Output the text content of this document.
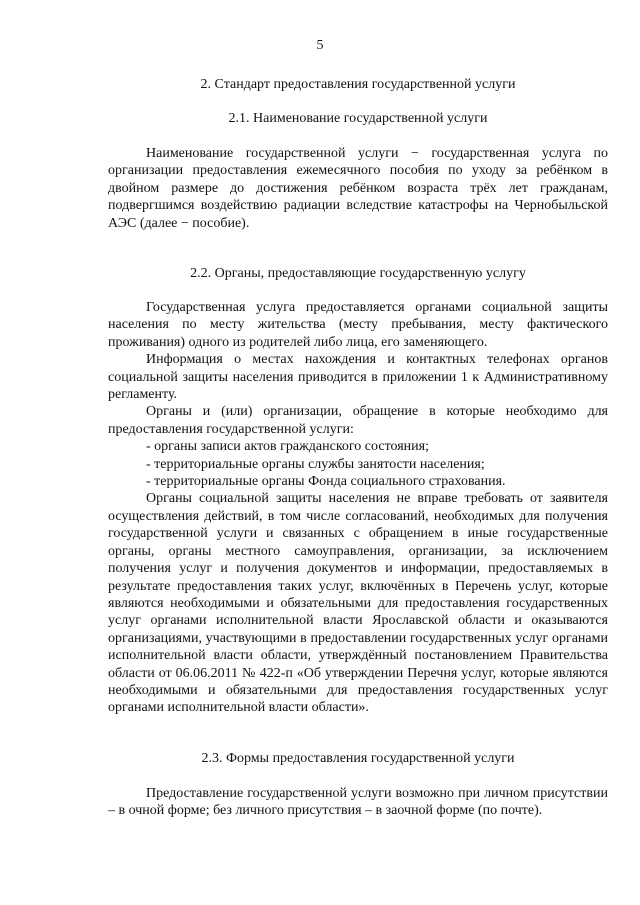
5
2. Стандарт предоставления государственной услуги
2.1. Наименование государственной услуги

Наименование государственной услуги − государственная услуга по организации предоставления ежемесячного пособия по уходу за ребёнком в двойном размере до достижения ребёнком возраста трёх лет гражданам, подвергшимся воздействию радиации вследствие катастрофы на Чернобыльской АЭС (далее − пособие).

2.2. Органы, предоставляющие государственную услугу

Государственная услуга предоставляется органами социальной защиты населения по месту жительства (месту пребывания, месту фактического проживания) одного из родителей либо лица, его заменяющего.

Информация о местах нахождения и контактных телефонах органов социальной защиты населения приводится в приложении 1 к Административному регламенту.

Органы и (или) организации, обращение в которые необходимо для предоставления государственной услуги:

- органы записи актов гражданского состояния;

- территориальные органы службы занятости населения;

- территориальные органы Фонда социального страхования.

Органы социальной защиты населения не вправе требовать от заявителя осуществления действий, в том числе согласований, необходимых для получения государственной услуги и связанных с обращением в иные государственные органы, органы местного самоуправления, организации, за исключением получения услуг и получения документов и информации, предоставляемых в результате предоставления таких услуг, включённых в Перечень услуг, которые являются необходимыми и обязательными для предоставления государственных услуг органами исполнительной власти Ярославской области и оказываются организациями, участвующими в предоставлении государственных услуг органами исполнительной власти области, утверждённый постановлением Правительства области от 06.06.2011 № 422-п «Об утверждении Перечня услуг, которые являются необходимыми и обязательными для предоставления государственных услуг органами исполнительной власти области».

2.3. Формы предоставления государственной услуги

Предоставление государственной услуги возможно при личном присутствии – в очной форме; без личного присутствия – в заочной форме (по почте).
